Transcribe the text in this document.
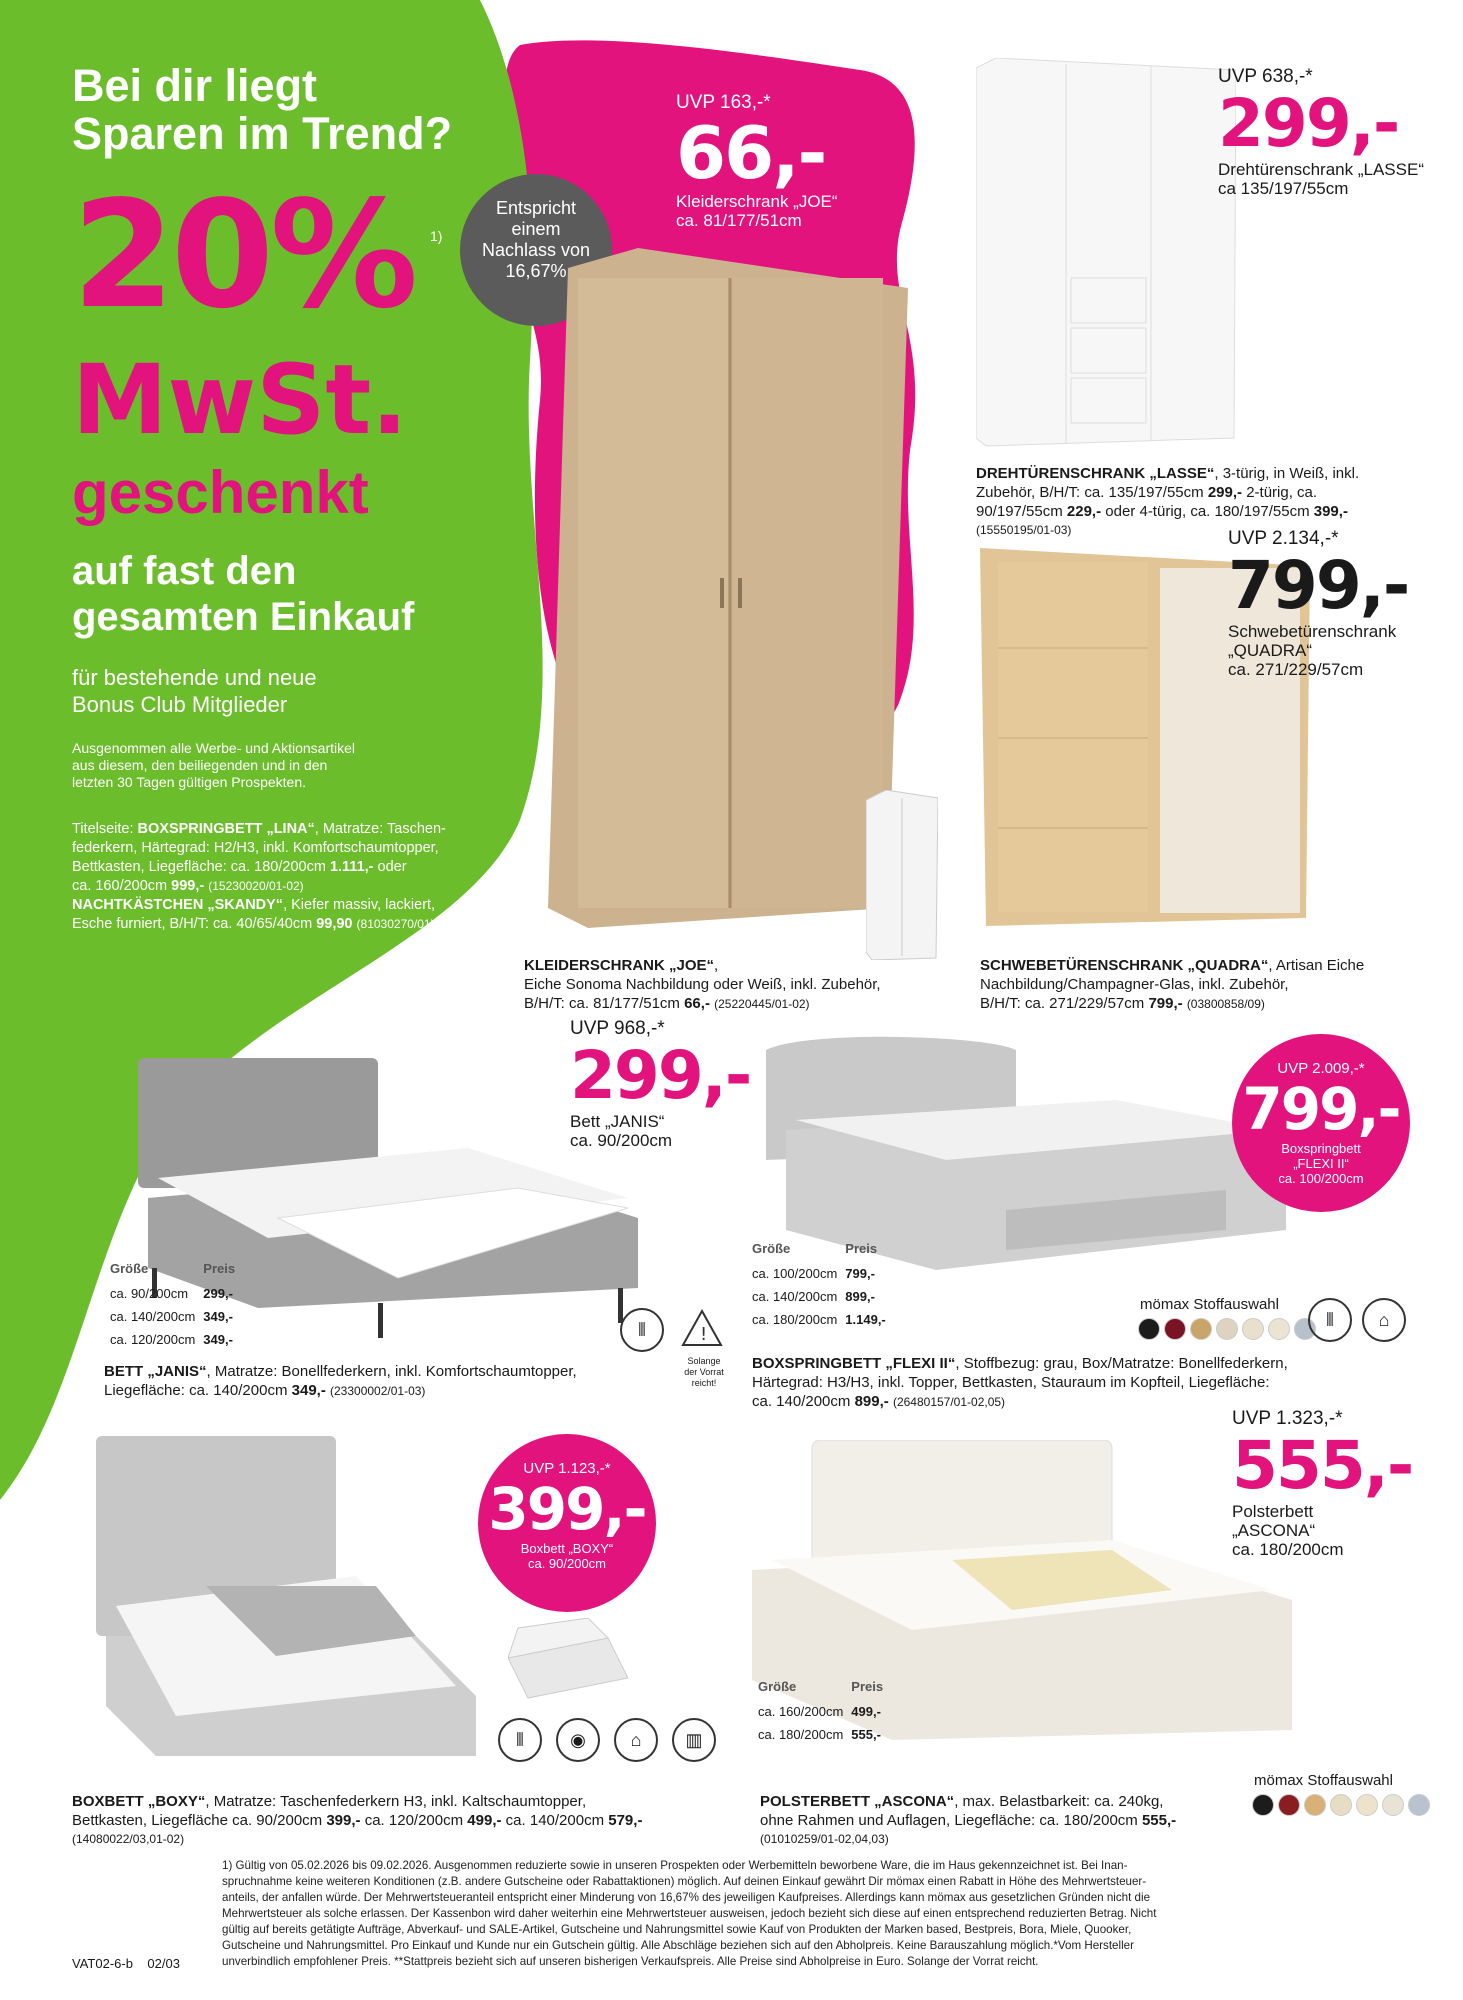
Bei dir liegt
Sparen im Trend?
20% 1)
MwSt.
geschenkt
auf fast den
gesamten Einkauf
für bestehende und neue
Bonus Club Mitglieder
Ausgenommen alle Werbe- und Aktionsartikel
aus diesem, den beiliegenden und in den
letzten 30 Tagen gültigen Prospekten.
Titelseite: BOXSPRINGBETT „LINA“, Matratze: Taschen-
federkern, Härtegrad: H2/H3, inkl. Komfortschaumtopper,
Bettkasten, Liegefläche: ca. 180/200cm 1.111,- oder
ca. 160/200cm 999,- (15230020/01-02)
NACHTKÄSTCHEN „SKANDY“, Kiefer massiv, lackiert,
Esche furniert, B/H/T: ca. 40/65/40cm 99,90 (81030270/01)
Entspricht
einem
Nachlass von
16,67%
UVP 163,-*
66,-
Kleiderschrank „JOE“
ca. 81/177/51cm
KLEIDERSCHRANK „JOE“,
Eiche Sonoma Nachbildung oder Weiß, inkl. Zubehör,
B/H/T: ca. 81/177/51cm 66,- (25220445/01-02)
UVP 638,-*
299,-
Drehtürenschrank „LASSE“
ca 135/197/55cm
DREHTÜRENSCHRANK „LASSE“, 3-türig, in Weiß, inkl.
Zubehör, B/H/T: ca. 135/197/55cm 299,- 2-türig, ca.
90/197/55cm 229,- oder 4-türig, ca. 180/197/55cm 399,-
(15550195/01-03)	UVP 2.134,-*
799,-
Schwebetürenschrank
„QUADRA“
ca. 271/229/57cm
SCHWEBETÜRENSCHRANK „QUADRA“, Artisan Eiche
Nachbildung/Champagner-Glas, inkl. Zubehör,
B/H/T: ca. 271/229/57cm 799,- (03800858/09)
UVP 968,-*
299,-
Bett „JANIS“
ca. 90/200cm
Größe	Preis
ca. 90/200cm	299,-
ca. 140/200cm	349,-
ca. 120/200cm	349,-	⦀	!
Solange
der Vorrat
reicht!
BETT „JANIS“, Matratze: Bonellfederkern, inkl. Komfortschaumtopper,
Liegefläche: ca. 140/200cm 349,- (23300002/01-03)
UVP 2.009,-*
799,-
Boxspringbett
„FLEXI II“
ca. 100/200cm
Größe	Preis
ca. 100/200cm	799,-
ca. 140/200cm	899,-
ca. 180/200cm	1.149,-
mömax Stoffauswahl
⦀	⌂
BOXSPRINGBETT „FLEXI II“, Stoffbezug: grau, Box/Matratze: Bonellfederkern,
Härtegrad: H3/H3, inkl. Topper, Bettkasten, Stauraum im Kopfteil, Liegefläche:
ca. 140/200cm 899,- (26480157/01-02,05)
UVP 1.123,-*
399,-
Boxbett „BOXY“
ca. 90/200cm
⦀	◉	⌂	▥
BOXBETT „BOXY“, Matratze: Taschenfederkern H3, inkl. Kaltschaumtopper,
Bettkasten, Liegefläche ca. 90/200cm 399,- ca. 120/200cm 499,- ca. 140/200cm 579,-
(14080022/03,01-02)
UVP 1.323,-*
555,-
Polsterbett
„ASCONA“
ca. 180/200cm
Größe	Preis
ca. 160/200cm	499,-
ca. 180/200cm	555,-
mömax Stoffauswahl
POLSTERBETT „ASCONA“, max. Belastbarkeit: ca. 240kg,
ohne Rahmen und Auflagen, Liegefläche: ca. 180/200cm 555,-
(01010259/01-02,04,03)
1) Gültig von 05.02.2026 bis 09.02.2026. Ausgenommen reduzierte sowie in unseren Prospekten oder Werbemitteln beworbene Ware, die im Haus gekennzeichnet ist. Bei Inan-
spruchnahme keine weiteren Konditionen (z.B. andere Gutscheine oder Rabattaktionen) möglich. Auf deinen Einkauf gewährt Dir mömax einen Rabatt in Höhe des Mehrwertsteuer-
anteils, der anfallen würde. Der Mehrwertsteueranteil entspricht einer Minderung von 16,67% des jeweiligen Kaufpreises. Allerdings kann mömax aus gesetzlichen Gründen nicht die
Mehrwertsteuer als solche erlassen. Der Kassenbon wird daher weiterhin eine Mehrwertsteuer ausweisen, jedoch bezieht sich diese auf einen entsprechend reduzierten Betrag. Nicht
gültig auf bereits getätigte Aufträge, Abverkauf- und SALE-Artikel, Gutscheine und Nahrungsmittel sowie Kauf von Produkten der Marken based, Bestpreis, Bora, Miele, Quooker,
Gutscheine und Nahrungsmittel. Pro Einkauf und Kunde nur ein Gutschein gültig. Alle Abschläge beziehen sich auf den Abholpreis. Keine Barauszahlung möglich.*Vom Hersteller
unverbindlich empfohlener Preis. **Stattpreis bezieht sich auf unseren bisherigen Verkaufspreis. Alle Preise sind Abholpreise in Euro. Solange der Vorrat reicht.
VAT02-6-b 02/03
